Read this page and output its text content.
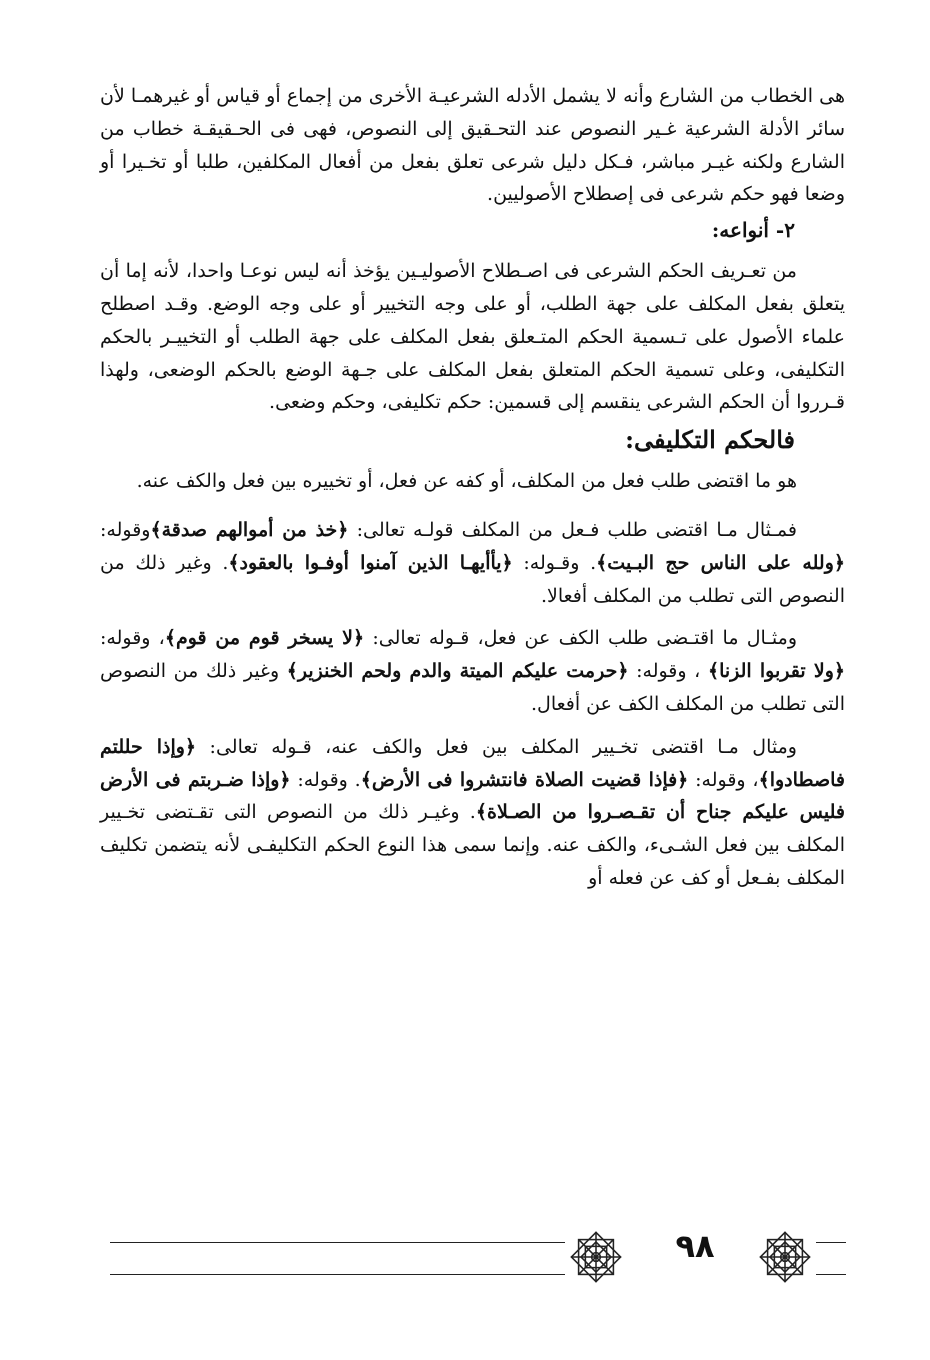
هى الخطاب من الشارع وأنه لا يشمل الأدله الشرعيـة الأخرى من إجماع أو قياس أو غيرهمـا لأن سائر الأدلة الشرعية غـير النصوص عند التحـقيق إلى النصوص، فهى فى الحـقيقـة خطاب من الشارع ولكنه غيـر مباشر، فـكل دليل شرعى تعلق بفعل من أفعال المكلفين، طلبا أو تخـيرا أو وضعا فهو حكم شرعى فى إصطلاح الأصوليين.

٢- أنواعه:

من تعـريف الحكم الشرعى فى اصـطلاح الأصوليـين يؤخذ أنه ليس نوعـا واحدا، لأنه إما أن يتعلق بفعل المكلف على جهة الطلب، أو على وجه التخيير أو على وجه الوضع. وقـد اصطلح علماء الأصول على تـسمية الحكم المتـعلق بفعل المكلف على جهة الطلب أو التخييـر بالحكم التكليفى، وعلى تسمية الحكم المتعلق بفعل المكلف على جـهة الوضع بالحكم الوضعى، ولهذا قـرروا أن الحكم الشرعى ينقسم إلى قسمين: حكم تكليفى، وحكم وضعى.

فالحكم التكليفى:

هو ما اقتضى طلب فعل من المكلف، أو كفه عن فعل، أو تخييره بين فعل والكف عنه.

فمـثال مـا اقتضى طلب فـعل من المكلف قولـه تعالى: ﴿خذ من أموالهم صدقة﴾وقوله: ﴿ولله على الناس حج البـيت﴾. وقـوله: ﴿يأأيهـا الذين آمنوا أوفـوا بالعقود﴾. وغير ذلك من النصوص التى تطلب من المكلف أفعالا.

ومثـال ما اقتـضى طلب الكف عن فعل، قـوله تعالى: ﴿لا يسخر قوم من قوم﴾، وقوله: ﴿ولا تقربوا الزنا﴾ ، وقوله: ﴿حرمت عليكم الميتة والدم ولحم الخنزير﴾ وغير ذلك من النصوص التى تطلب من المكلف الكف عن أفعال.

ومثال مـا اقتضى تخـيير المكلف بين فعل والكف عنه، قـوله تعالى: ﴿وإذا حللتم فاصطادوا﴾، وقوله: ﴿فإذا قضيت الصلاة فانتشروا فى الأرض﴾. وقوله: ﴿وإذا ضـربتم فى الأرض فليس عليكم جناح أن تقـصـروا من الصـلاة﴾. وغيـر ذلك من النصوص التى تقـتضى تخـيير المكلف بين فعل الشـىء، والكف عنه. وإنما سمى هذا النوع الحكم التكليفـى لأنه يتضمن تكليف المكلف بفـعل أو كف عن فعله أو

٩٨
